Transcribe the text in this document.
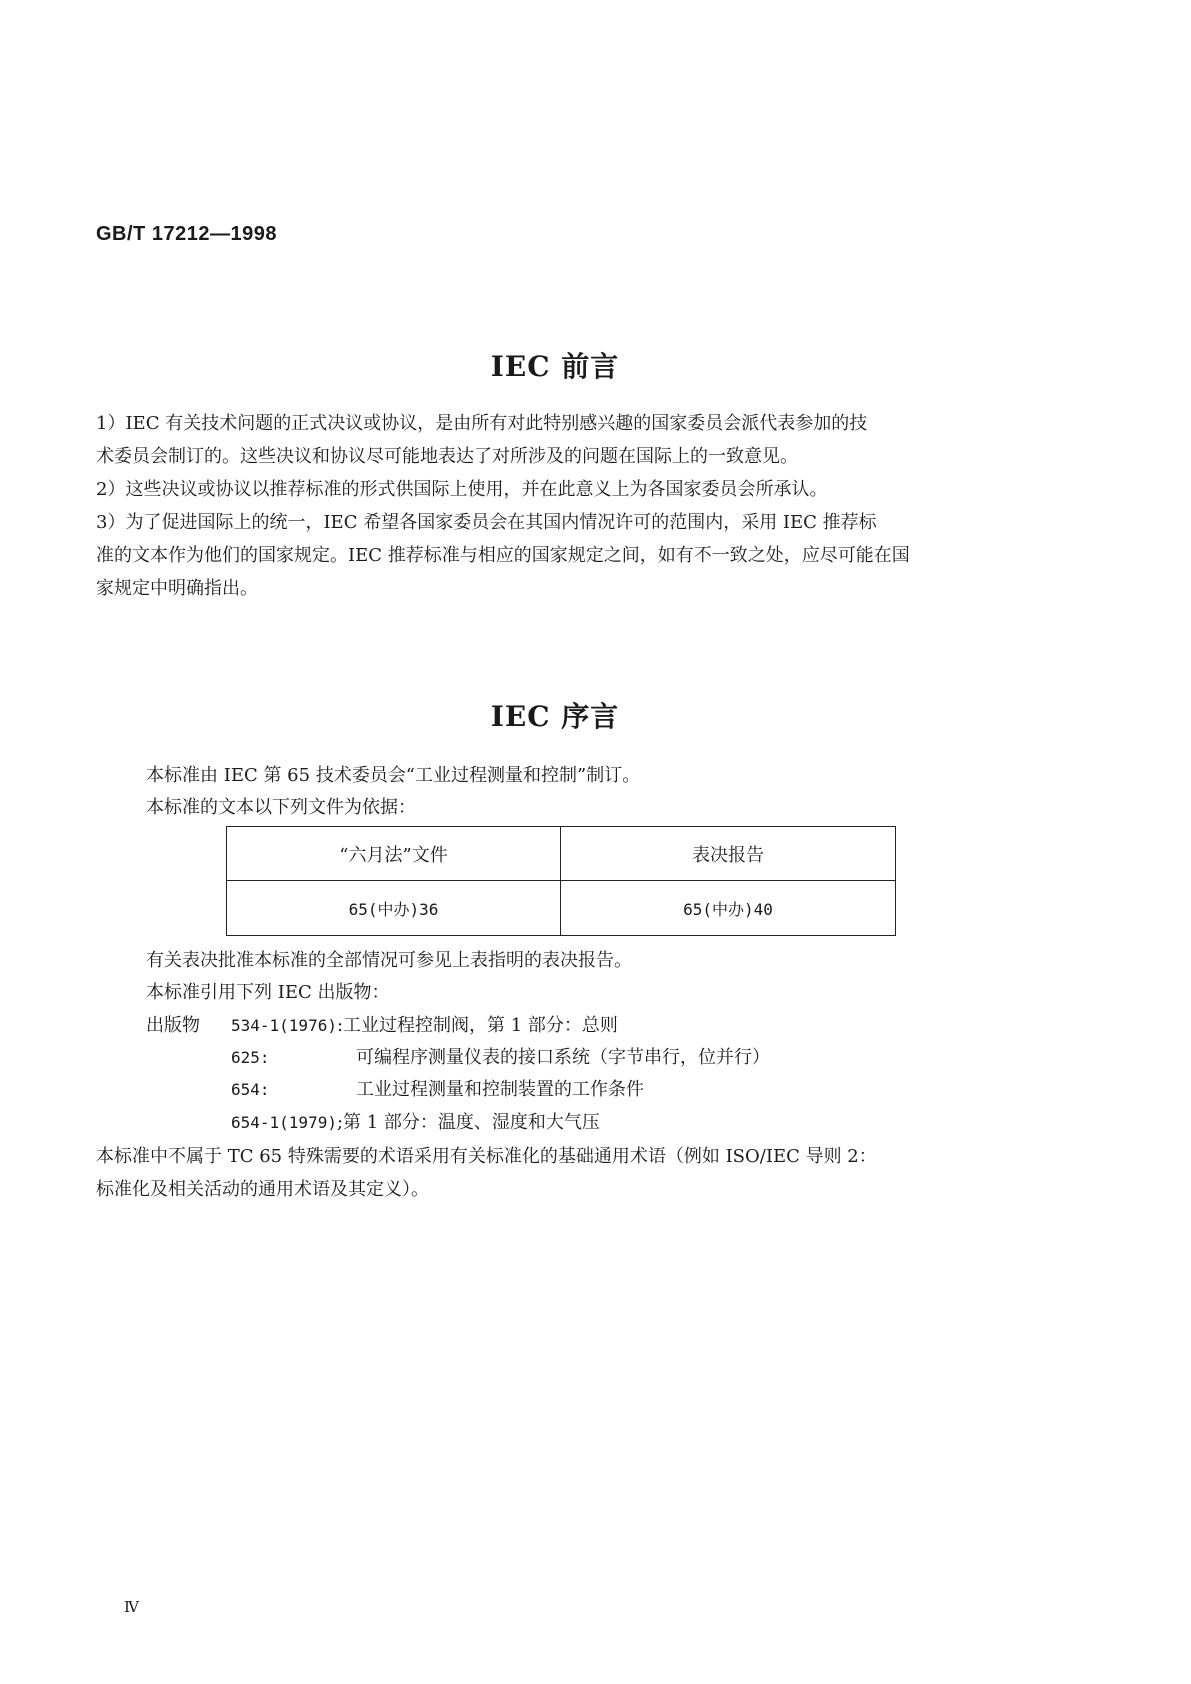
GB/T 17212—1998
IEC 前言
1）IEC 有关技术问题的正式决议或协议，是由所有对此特别感兴趣的国家委员会派代表参加的技
术委员会制订的。这些决议和协议尽可能地表达了对所涉及的问题在国际上的一致意见。
2）这些决议或协议以推荐标准的形式供国际上使用，并在此意义上为各国家委员会所承认。
3）为了促进国际上的统一，IEC 希望各国家委员会在其国内情况许可的范围内，采用 IEC 推荐标
准的文本作为他们的国家规定。IEC 推荐标准与相应的国家规定之间，如有不一致之处，应尽可能在国
家规定中明确指出。
IEC 序言
本标准由 IEC 第 65 技术委员会“工业过程测量和控制”制订。
本标准的文本以下列文件为依据：
“六月法”文件	表决报告
65(中办)36	65(中办)40
有关表决批准本标准的全部情况可参见上表指明的表决报告。
本标准引用下列 IEC 出版物：
出版物 534-1(1976):工业过程控制阀，第 1 部分：总则
625:	可编程序测量仪表的接口系统（字节串行，位并行）
654:	工业过程测量和控制装置的工作条件
654-1(1979);第 1 部分：温度、湿度和大气压
本标准中不属于 TC 65 特殊需要的术语采用有关标准化的基础通用术语（例如 ISO/IEC 导则 2：
标准化及相关活动的通用术语及其定义）。
Ⅳ
